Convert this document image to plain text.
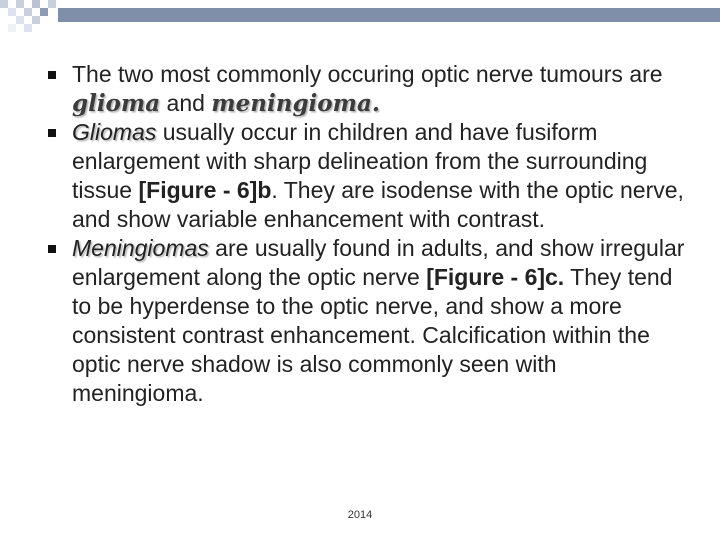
The two most commonly occuring optic nerve tumours are glioma and meningioma.
Gliomas usually occur in children and have fusiform enlargement with sharp delineation from the surrounding tissue [Figure - 6]b. They are isodense with the optic nerve, and show variable enhancement with contrast.
Meningiomas are usually found in adults, and show irregular enlargement along the optic nerve [Figure - 6]c. They tend to be hyperdense to the optic nerve, and show a more consistent contrast enhancement. Calcification within the optic nerve shadow is also commonly seen with meningioma.
2014
